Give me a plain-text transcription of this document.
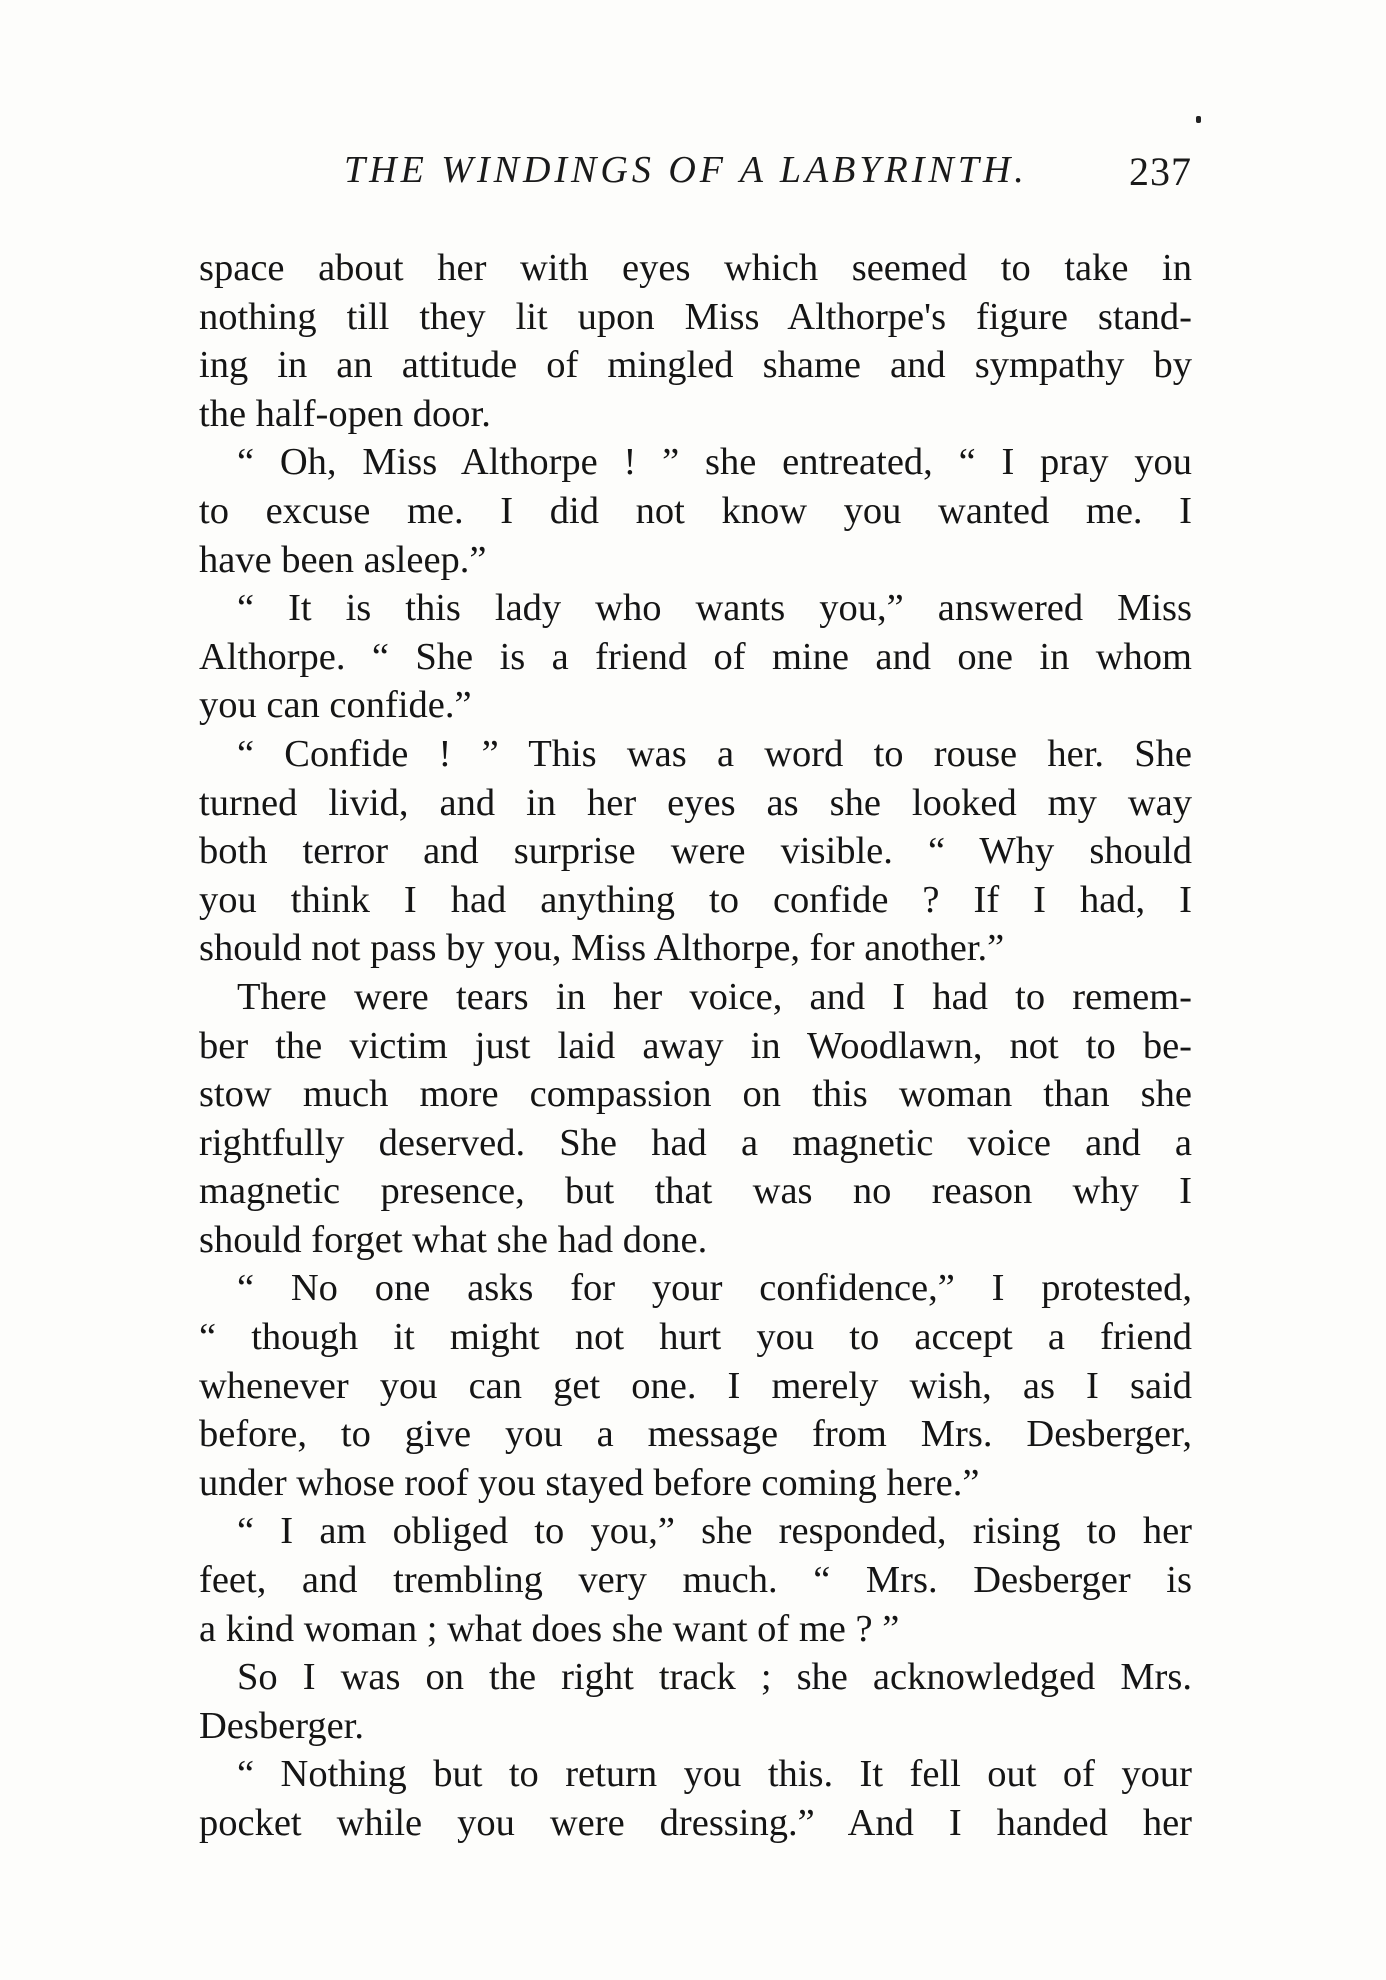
THE WINDINGS OF A LABYRINTH.	237
space about her with eyes which seemed to take in
nothing till they lit upon Miss Althorpe's figure stand-
ing in an attitude of mingled shame and sympathy by
the half-open door.
“ Oh, Miss Althorpe ! ” she entreated, “ I pray you
to excuse me. I did not know you wanted me. I
have been asleep.”
“ It is this lady who wants you,” answered Miss
Althorpe. “ She is a friend of mine and one in whom
you can confide.”
“ Confide ! ” This was a word to rouse her. She
turned livid, and in her eyes as she looked my way
both terror and surprise were visible. “ Why should
you think I had anything to confide ? If I had, I
should not pass by you, Miss Althorpe, for another.”
There were tears in her voice, and I had to remem-
ber the victim just laid away in Woodlawn, not to be-
stow much more compassion on this woman than she
rightfully deserved. She had a magnetic voice and a
magnetic presence, but that was no reason why I
should forget what she had done.
“ No one asks for your confidence,” I protested,
“ though it might not hurt you to accept a friend
whenever you can get one. I merely wish, as I said
before, to give you a message from Mrs. Desberger,
under whose roof you stayed before coming here.”
“ I am obliged to you,” she responded, rising to her
feet, and trembling very much. “ Mrs. Desberger is
a kind woman ; what does she want of me ? ”
So I was on the right track ; she acknowledged Mrs.
Desberger.
“ Nothing but to return you this. It fell out of your
pocket while you were dressing.” And I handed her
